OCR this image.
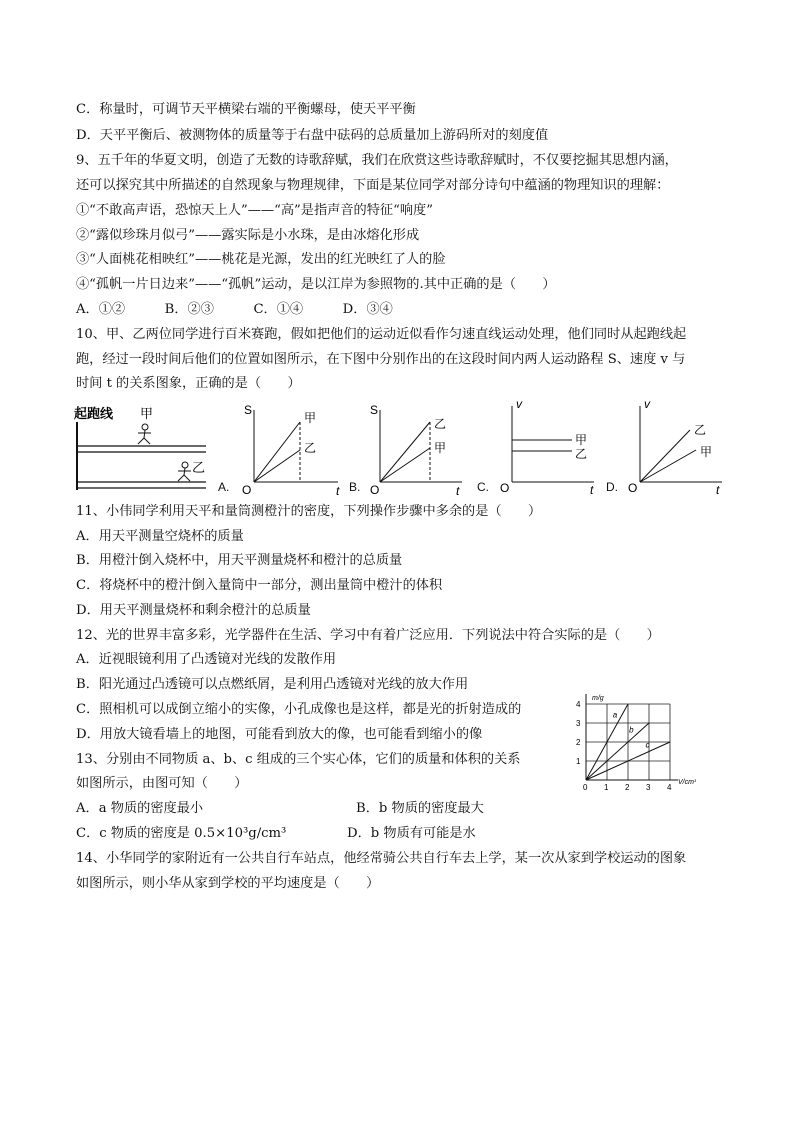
C．称量时，可调节天平横梁右端的平衡螺母，使天平平衡
D．天平平衡后、被测物体的质量等于右盘中砝码的总质量加上游码所对的刻度值
9、五千年的华夏文明，创造了无数的诗歌辞赋，我们在欣赏这些诗歌辞赋时，不仅要挖掘其思想内涵，
还可以探究其中所描述的自然现象与物理规律，下面是某位同学对部分诗句中蕴涵的物理知识的理解：
①“不敢高声语，恐惊天上人”——“高”是指声音的特征“响度”
②“露似珍珠月似弓”——露实际是小水珠，是由冰熔化形成
③“人面桃花相映红”——桃花是光源，发出的红光映红了人的脸
④“孤帆一片日边来”——“孤帆”运动，是以江岸为参照物的.其中正确的是（　　）
A．①②　　　B．②③　　　C．①④　　　D．③④
10、甲、乙两位同学进行百米赛跑，假如把他们的运动近似看作匀速直线运动处理，他们同时从起跑线起
跑，经过一段时间后他们的位置如图所示，在下图中分别作出的在这段时间内两人运动路程 S、速度 v 与
时间 t 的关系图象，正确的是（　　）
起跑线 甲
乙
A.
S
甲
乙
O	t B.
S
乙
甲
O	t C.
v
甲
乙
O	t D.
v
乙
甲
O	t
11、小伟同学利用天平和量筒测橙汁的密度，下列操作步骤中多余的是（　　）
A．用天平测量空烧杯的质量
B．用橙汁倒入烧杯中，用天平测量烧杯和橙汁的总质量
C．将烧杯中的橙汁倒入量筒中一部分，测出量筒中橙汁的体积
D．用天平测量烧杯和剩余橙汁的总质量
12、光的世界丰富多彩，光学器件在生活、学习中有着广泛应用．下列说法中符合实际的是（　　）
A．近视眼镜利用了凸透镜对光线的发散作用
B．阳光通过凸透镜可以点燃纸屑，是利用凸透镜对光线的放大作用
C．照相机可以成倒立缩小的实像，小孔成像也是这样，都是光的折射造成的
D．用放大镜看墙上的地图，可能看到放大的像，也可能看到缩小的像
13、分别由不同物质 a、b、c 组成的三个实心体，它们的质量和体积的关系
如图所示，由图可知（　　）
A．a 物质的密度最小	B．b 物质的密度最大
C．c 物质的密度是 0.5×10³g/cm³	D．b 物质有可能是水
0 1 2 3 4
1
2
3
4
m/g
V/cm³
a
b
c
14、小华同学的家附近有一公共自行车站点，他经常骑公共自行车去上学，某一次从家到学校运动的图象
如图所示，则小华从家到学校的平均速度是（　　）
